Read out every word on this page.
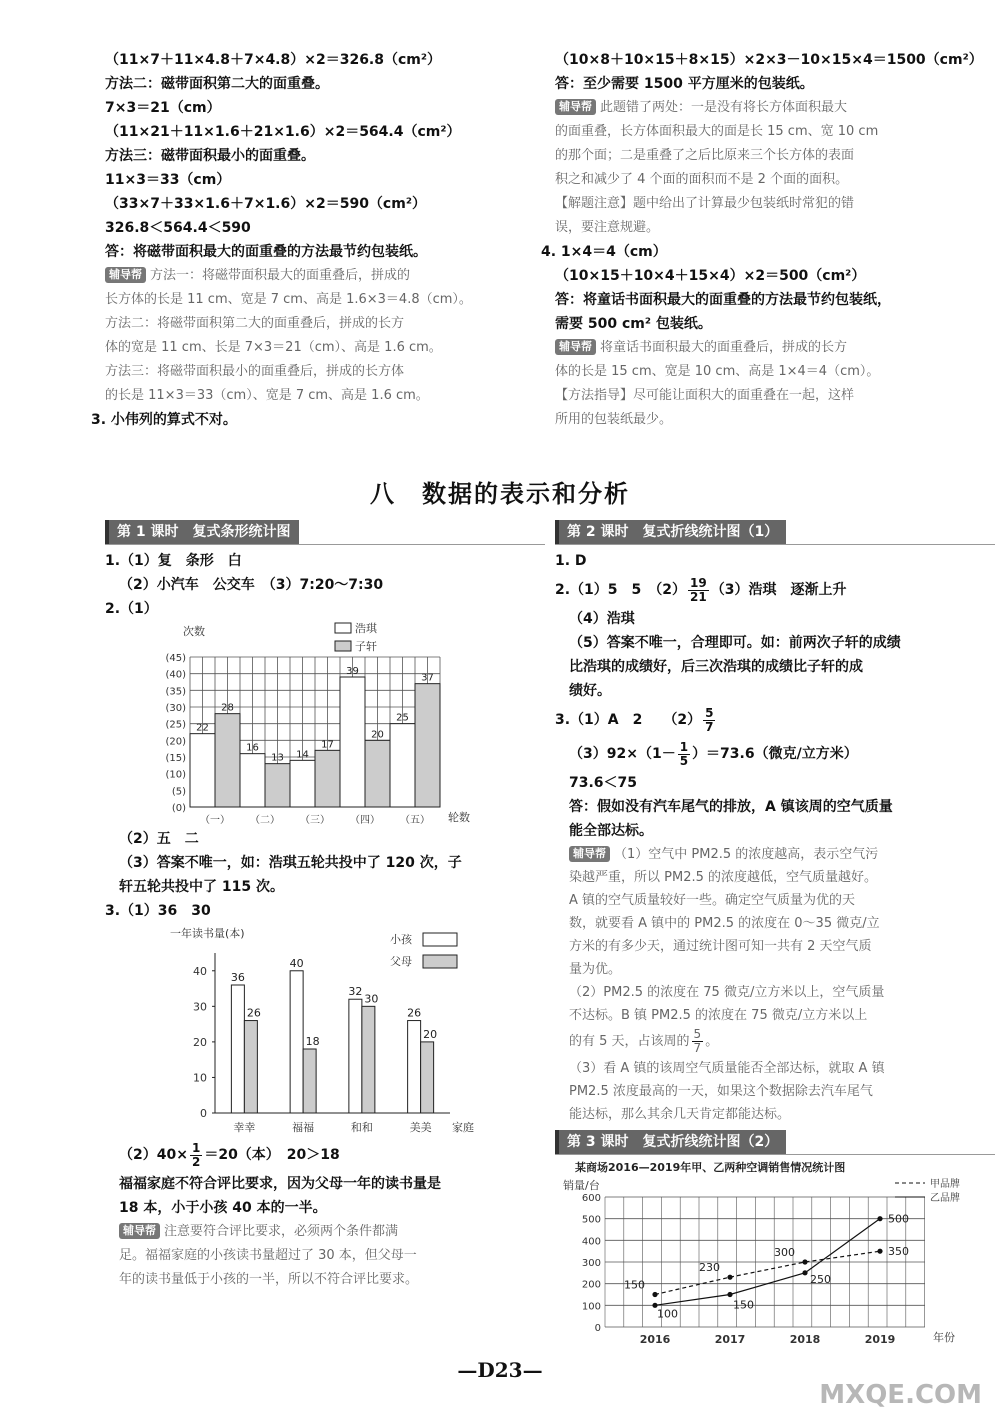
（11×7＋11×4.8＋7×4.8）×2＝326.8（cm²）
方法二：磁带面积第二大的面重叠。
7×3＝21（cm）
（11×21＋11×1.6＋21×1.6）×2＝564.4（cm²）
方法三：磁带面积最小的面重叠。
11×3＝33（cm）
（33×7＋33×1.6＋7×1.6）×2＝590（cm²）
326.8＜564.4＜590
答：将磁带面积最大的面重叠的方法最节约包装纸。
辅导帮 方法一：将磁带面积最大的面重叠后，拼成的
长方体的长是 11 cm、宽是 7 cm、高是 1.6×3＝4.8（cm）。
方法二：将磁带面积第二大的面重叠后，拼成的长方
体的宽是 11 cm、长是 7×3＝21（cm）、高是 1.6 cm。
方法三：将磁带面积最小的面重叠后，拼成的长方体
的长是 11×3＝33（cm）、宽是 7 cm、高是 1.6 cm。
3. 小伟列的算式不对。
（10×8＋10×15＋8×15）×2×3－10×15×4＝1500（cm²）
答：至少需要 1500 平方厘米的包装纸。
辅导帮 此题错了两处：一是没有将长方体面积最大
的面重叠，长方体面积最大的面是长 15 cm、宽 10 cm
的那个面；二是重叠了之后比原来三个长方体的表面
积之和减少了 4 个面的面积而不是 2 个面的面积。
【解题注意】题中给出了计算最少包装纸时常犯的错
误，要注意规避。
4. 1×4＝4（cm）
（10×15＋10×4＋15×4）×2＝500（cm²）
答：将童话书面积最大的面重叠的方法最节约包装纸，
需要 500 cm² 包装纸。
辅导帮 将童话书面积最大的面重叠后，拼成的长方
体的长是 15 cm、宽是 10 cm、高是 1×4＝4（cm）。
【方法指导】尽可能让面积大的面重叠在一起，这样
所用的包装纸最少。
八　数据的表示和分析
第 1 课时　复式条形统计图
1.（1）复　条形　白
（2）小汽车　公交车　（3）7:20～7:30
2.（1）
次数
(0)
(5)
(10)
(15)
(20)
(25)
(30)
(35)
(40)
(45)
轮数
（一）
22
28
（二）
16
13
（三）
14
17
（四）
39
20
（五）
25
37
浩琪
子轩
（2）五　二
（3）答案不唯一，如：浩琪五轮共投中了 120 次，子
轩五轮共投中了 115 次。
3.（1）36　30
一年读书量(本)
0
10
20
30
40
家庭
幸幸
36
26
福福
40
18
和和
32
30
美美
26
20
小孩
父母
$(2)40\times \frac{1}{2} =20$（本）　20＞18
福福家庭不符合评比要求，因为父母一年的读书量是
18 本，小于小孩 40 本的一半。
辅导帮 注意要符合评比要求，必须两个条件都满
足。福福家庭的小孩读书量超过了 30 本，但父母一
年的读书量低于小孩的一半，所以不符合评比要求。
第 2 课时　复式折线统计图（1）
1. D
2.（1）5　5　$(2) \frac{19}{21} (3)$浩琪　逐渐上升
（4）浩琪
（5）答案不唯一，合理即可。如：前两次子轩的成绩
比浩琪的成绩好，后三次浩琪的成绩比子轩的成
绩好。
3.（1）A　2　　$(2) \frac{5}{7}$
$(3)92\times(1- \frac{1}{5} )=73.6$（微克/立方米）
73.6＜75
答：假如没有汽车尾气的排放，A 镇该周的空气质量
能全部达标。
辅导帮 （1）空气中 PM2.5 的浓度越高，表示空气污
染越严重，所以 PM2.5 的浓度越低，空气质量越好。
A 镇的空气质量较好一些。确定空气质量为优的天
数，就要看 A 镇中的 PM2.5 的浓度在 0～35 微克/立
方米的有多少天，通过统计图可知一共有 2 天空气质
量为优。
（2）PM2.5 的浓度在 75 微克/立方米以上，空气质量
不达标。B 镇 PM2.5 的浓度在 75 微克/立方米以上
的有 5 天，占该周的 $\frac{5}{7}$ 。
（3）看 A 镇的该周空气质量能否全部达标，就取 A 镇
PM2.5 浓度最高的一天，如果这个数据除去汽车尾气
能达标，那么其余几天肯定都能达标。
第 3 课时　复式折线统计图（2）
某商场2016—2019年甲、乙两种空调销售情况统计图
销量/台
0
100
200
300
400
500
600
2016	2017	2018	2019	年份
150
230
300	350
100
150
250
500
甲品牌
乙品牌
—D23—
MXQE.COM
